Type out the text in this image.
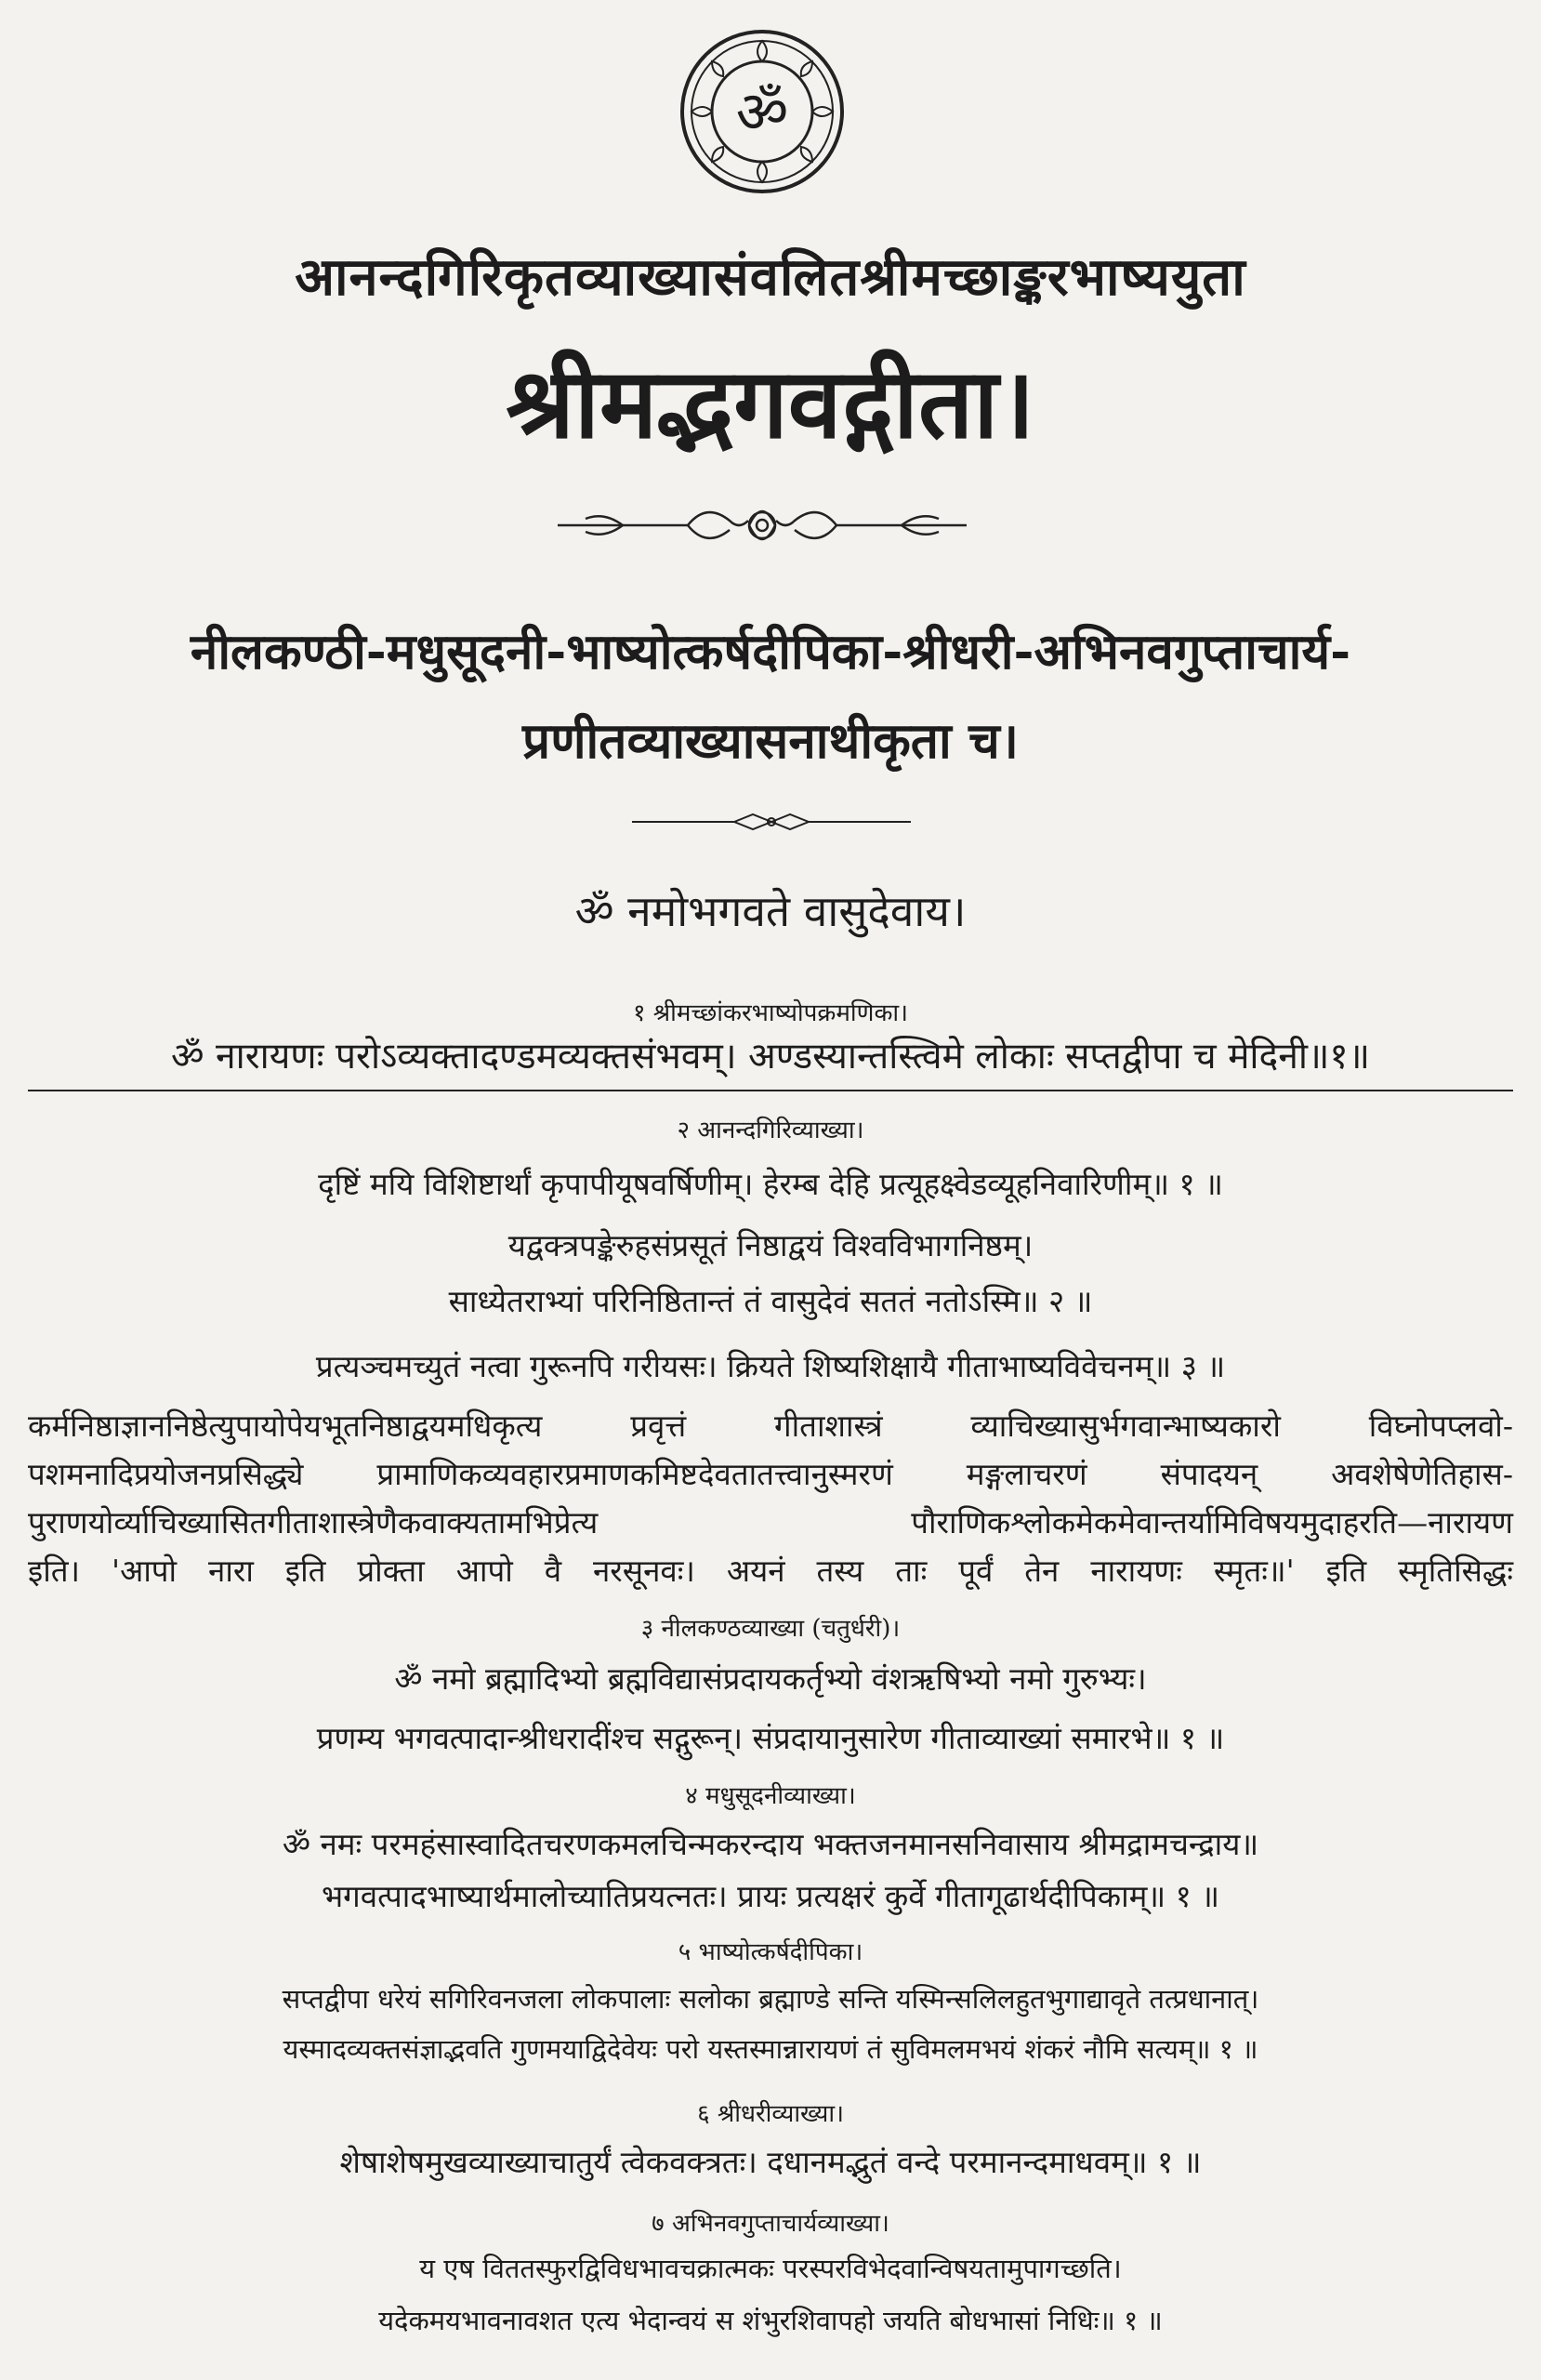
ॐ
आनन्दगिरिकृतव्याख्यासंवलितश्रीमच्छाङ्करभाष्ययुता
श्रीमद्भगवद्गीता।
नीलकण्ठी-मधुसूदनी-भाष्योत्कर्षदीपिका-श्रीधरी-अभिनवगुप्ताचार्य-
प्रणीतव्याख्यासनाथीकृता च।
ॐ नमोभगवते वासुदेवाय।
१ श्रीमच्छांकरभाष्योपक्रमणिका।
ॐ नारायणः परोऽव्यक्तादण्डमव्यक्तसंभवम्। अण्डस्यान्तस्त्विमे लोकाः सप्तद्वीपा च मेदिनी॥१॥
२ आनन्दगिरिव्याख्या।
दृष्टिं मयि विशिष्टार्थां कृपापीयूषवर्षिणीम्। हेरम्ब देहि प्रत्यूहक्ष्वेडव्यूहनिवारिणीम्॥ १ ॥
यद्वक्त्रपङ्केरुहसंप्रसूतं निष्ठाद्वयं विश्वविभागनिष्ठम्।
साध्येतराभ्यां परिनिष्ठितान्तं तं वासुदेवं सततं नतोऽस्मि॥ २ ॥
प्रत्यञ्चमच्युतं नत्वा गुरूनपि गरीयसः। क्रियते शिष्यशिक्षायै गीताभाष्यविवेचनम्॥ ३ ॥
कर्मनिष्ठाज्ञाननिष्ठेत्युपायोपेयभूतनिष्ठाद्वयमधिकृत्य प्रवृत्तं गीताशास्त्रं व्याचिख्यासुर्भगवान्भाष्यकारो विघ्नोपप्लवो-
पशमनादिप्रयोजनप्रसिद्ध्ये प्रामाणिकव्यवहारप्रमाणकमिष्टदेवतातत्त्वानुस्मरणं मङ्गलाचरणं संपादयन् अवशेषेणेतिहास-
पुराणयोर्व्याचिख्यासितगीताशास्त्रेणैकवाक्यतामभिप्रेत्य पौराणिकश्लोकमेकमेवान्तर्यामिविषयमुदाहरति—नारायण
इति। 'आपो नारा इति प्रोक्ता आपो वै नरसूनवः। अयनं तस्य ताः पूर्वं तेन नारायणः स्मृतः॥' इति स्मृतिसिद्धः
३ नीलकण्ठव्याख्या (चतुर्धरी)।
ॐ नमो ब्रह्मादिभ्यो ब्रह्मविद्यासंप्रदायकर्तृभ्यो वंशऋषिभ्यो नमो गुरुभ्यः।
प्रणम्य भगवत्पादान्श्रीधरादींश्च सद्गुरून्। संप्रदायानुसारेण गीताव्याख्यां समारभे॥ १ ॥
४ मधुसूदनीव्याख्या।
ॐ नमः परमहंसास्वादितचरणकमलचिन्मकरन्दाय भक्तजनमानसनिवासाय श्रीमद्रामचन्द्राय॥
भगवत्पादभाष्यार्थमालोच्यातिप्रयत्नतः। प्रायः प्रत्यक्षरं कुर्वे गीतागूढार्थदीपिकाम्॥ १ ॥
५ भाष्योत्कर्षदीपिका।
सप्तद्वीपा धरेयं सगिरिवनजला लोकपालाः सलोका ब्रह्माण्डे सन्ति यस्मिन्सलिलहुतभुगाद्यावृते तत्प्रधानात्।
यस्मादव्यक्तसंज्ञाद्भवति गुणमयाद्विदेवेयः परो यस्तस्मान्नारायणं तं सुविमलमभयं शंकरं नौमि सत्यम्॥ १ ॥
६ श्रीधरीव्याख्या।
शेषाशेषमुखव्याख्याचातुर्यं त्वेकवक्त्रतः। दधानमद्भुतं वन्दे परमानन्दमाधवम्॥ १ ॥
७ अभिनवगुप्ताचार्यव्याख्या।
य एष विततस्फुरद्विविधभावचक्रात्मकः परस्परविभेदवान्विषयतामुपागच्छति।
यदेकमयभावनावशत एत्य भेदान्वयं स शंभुरशिवापहो जयति बोधभासां निधिः॥ १ ॥
